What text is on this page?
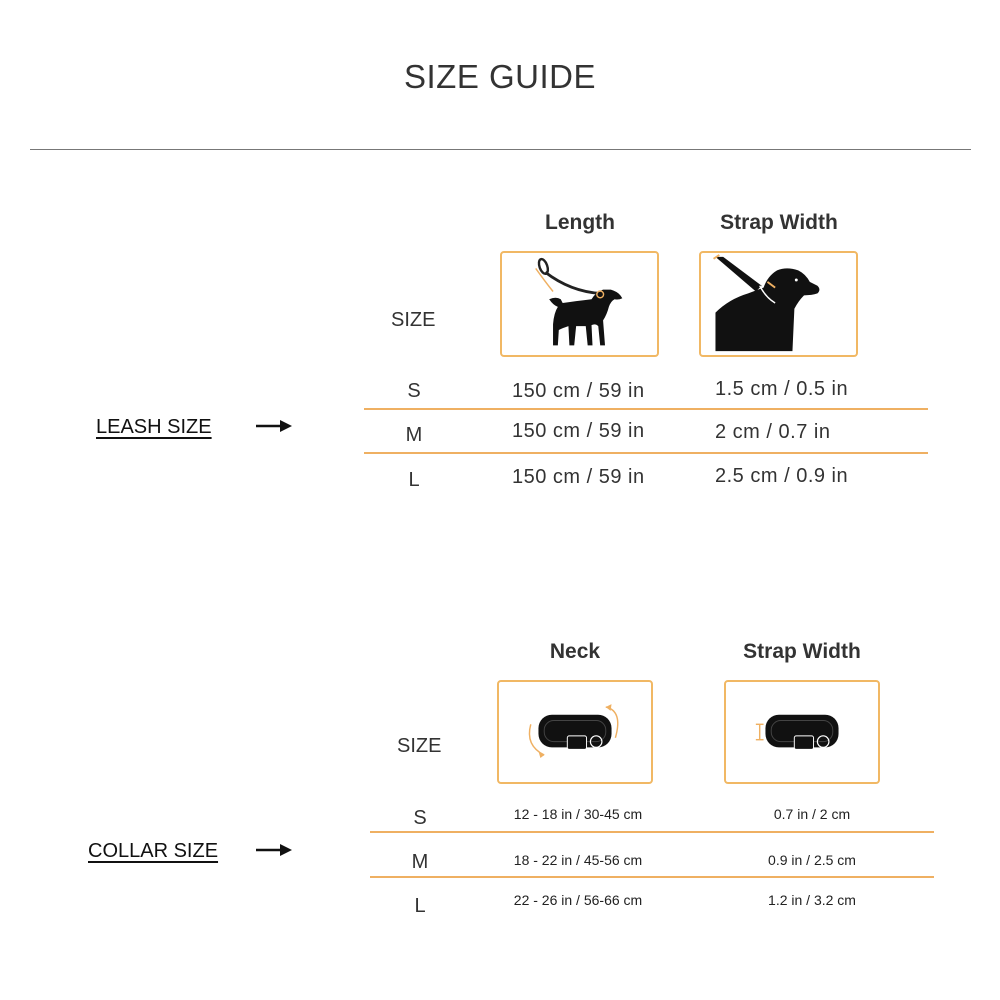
SIZE GUIDE
LEASH SIZE
Length	Strap Width
SIZE
S	150 cm / 59 in	1.5 cm / 0.5 in
M	150 cm / 59 in	2 cm / 0.7 in
L	150 cm / 59 in	2.5 cm / 0.9 in
COLLAR SIZE
Neck	Strap Width
SIZE
S	12 - 18 in / 30-45 cm	0.7 in / 2 cm
M	18 - 22 in / 45-56 cm	0.9 in / 2.5 cm
L	22 - 26 in / 56-66 cm	1.2 in / 3.2 cm
